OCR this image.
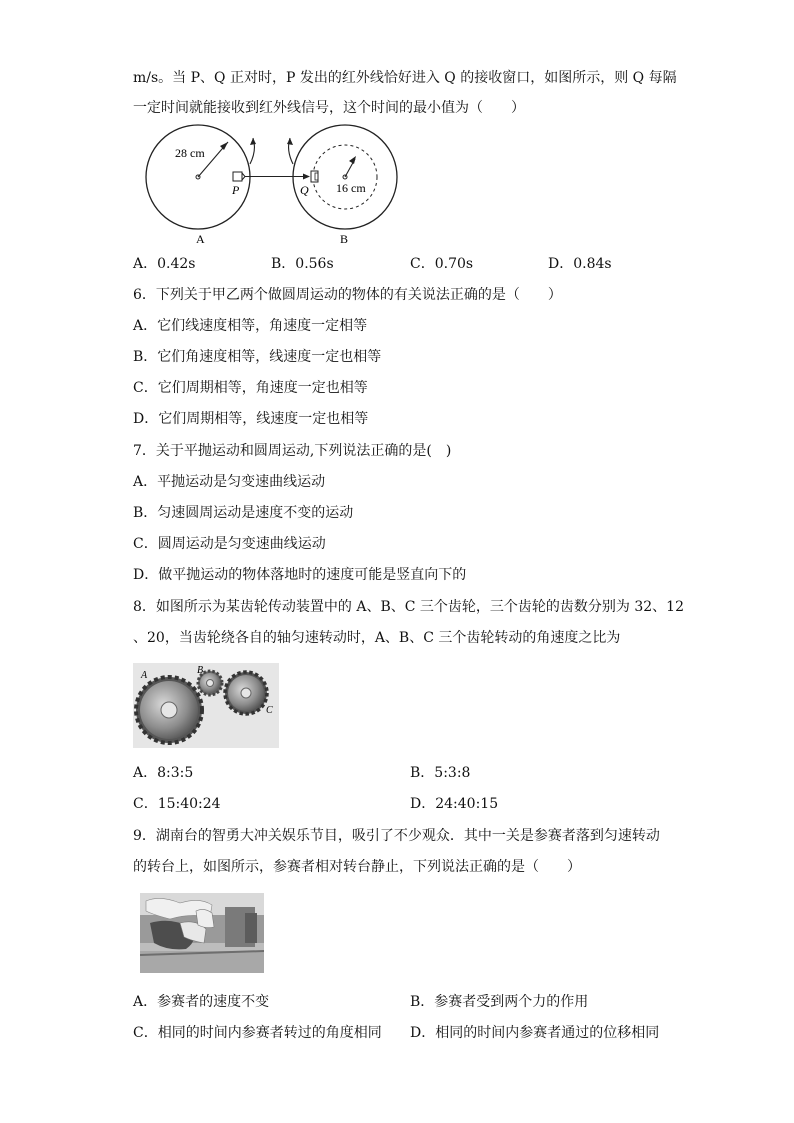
m/s。当 P、Q 正对时，P 发出的红外线恰好进入 Q 的接收窗口，如图所示，则 Q 每隔
一定时间就能接收到红外线信号，这个时间的最小值为（　　）
28 cm
P	16 cm
Q
A	B
A．0.42s	B．0.56s	C．0.70s	D．0.84s
6．下列关于甲乙两个做圆周运动的物体的有关说法正确的是（　　）
A．它们线速度相等，角速度一定相等
B．它们角速度相等，线速度一定也相等
C．它们周期相等，角速度一定也相等
D．它们周期相等，线速度一定也相等
7．关于平抛运动和圆周运动,下列说法正确的是(　)
A．平抛运动是匀变速曲线运动
B．匀速圆周运动是速度不变的运动
C．圆周运动是匀变速曲线运动
D．做平抛运动的物体落地时的速度可能是竖直向下的
8．如图所示为某齿轮传动装置中的 A、B、C 三个齿轮，三个齿轮的齿数分别为 32、12
、20，当齿轮绕各自的轴匀速转动时，A、B、C 三个齿轮转动的角速度之比为
A	B
C
A．8:3:5	B．5:3:8
C．15:40:24	D．24:40:15
9．湖南台的智勇大冲关娱乐节目，吸引了不少观众．其中一关是参赛者落到匀速转动
的转台上，如图所示，参赛者相对转台静止，下列说法正确的是（　　）
A．参赛者的速度不变	B．参赛者受到两个力的作用
C．相同的时间内参赛者转过的角度相同 D．相同的时间内参赛者通过的位移相同
